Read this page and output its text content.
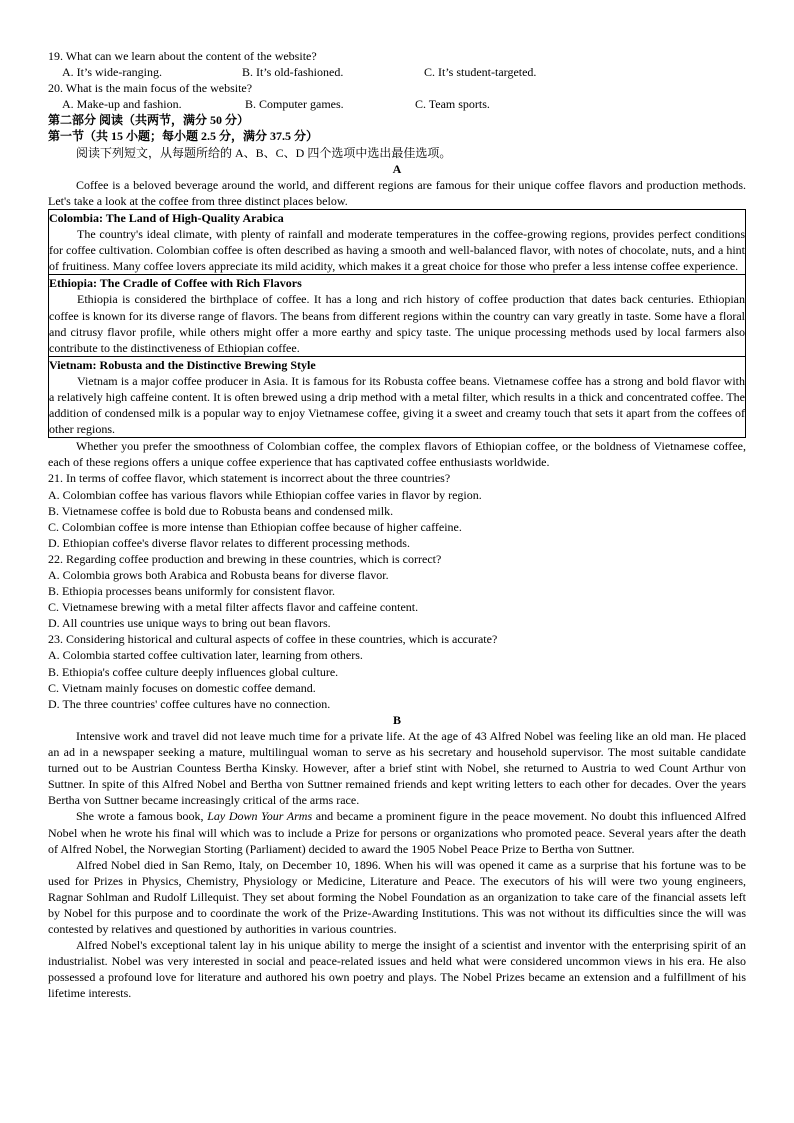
19. What can we learn about the content of the website?
A. It’s wide-ranging.	B. It’s old-fashioned.	C. It’s student-targeted.
20. What is the main focus of the website?
A. Make-up and fashion.	B. Computer games.	C. Team sports.
第二部分 阅读（共两节，满分 50 分）
第一节（共 15 小题；每小题 2.5 分，满分 37.5 分）
阅读下列短文，从每题所给的 A、B、C、D 四个选项中选出最佳选项。
A

Coffee is a beloved beverage around the world, and different regions are famous for their unique coffee flavors and production methods. Let's take a look at the coffee from three distinct places below.

Colombia: The Land of High-Quality Arabica

The country's ideal climate, with plenty of rainfall and moderate temperatures in the coffee-growing regions, provides perfect conditions for coffee cultivation. Colombian coffee is often described as having a smooth and well-balanced flavor, with notes of chocolate, nuts, and a hint of fruitiness. Many coffee lovers appreciate its mild acidity, which makes it a great choice for those who prefer a less intense coffee experience.

Ethiopia: The Cradle of Coffee with Rich Flavors

Ethiopia is considered the birthplace of coffee. It has a long and rich history of coffee production that dates back centuries. Ethiopian coffee is known for its diverse range of flavors. The beans from different regions within the country can vary greatly in taste. Some have a floral and citrusy flavor profile, while others might offer a more earthy and spicy taste. The unique processing methods used by local farmers also contribute to the distinctiveness of Ethiopian coffee.

Vietnam: Robusta and the Distinctive Brewing Style

Vietnam is a major coffee producer in Asia. It is famous for its Robusta coffee beans. Vietnamese coffee has a strong and bold flavor with a relatively high caffeine content. It is often brewed using a drip method with a metal filter, which results in a thick and concentrated coffee. The addition of condensed milk is a popular way to enjoy Vietnamese coffee, giving it a sweet and creamy touch that sets it apart from the coffees of other regions.

Whether you prefer the smoothness of Colombian coffee, the complex flavors of Ethiopian coffee, or the boldness of Vietnamese coffee, each of these regions offers a unique coffee experience that has captivated coffee enthusiasts worldwide.

21. In terms of coffee flavor, which statement is incorrect about the three countries?
A. Colombian coffee has various flavors while Ethiopian coffee varies in flavor by region.
B. Vietnamese coffee is bold due to Robusta beans and condensed milk.
C. Colombian coffee is more intense than Ethiopian coffee because of higher caffeine.
D. Ethiopian coffee's diverse flavor relates to different processing methods.
22. Regarding coffee production and brewing in these countries, which is correct?
A. Colombia grows both Arabica and Robusta beans for diverse flavor.
B. Ethiopia processes beans uniformly for consistent flavor.
C. Vietnamese brewing with a metal filter affects flavor and caffeine content.
D. All countries use unique ways to bring out bean flavors.
23. Considering historical and cultural aspects of coffee in these countries, which is accurate?
A. Colombia started coffee cultivation later, learning from others.
B. Ethiopia's coffee culture deeply influences global culture.
C. Vietnam mainly focuses on domestic coffee demand.
D. The three countries' coffee cultures have no connection.
B

Intensive work and travel did not leave much time for a private life. At the age of 43 Alfred Nobel was feeling like an old man. He placed an ad in a newspaper seeking a mature, multilingual woman to serve as his secretary and household supervisor. The most suitable candidate turned out to be Austrian Countess Bertha Kinsky. However, after a brief stint with Nobel, she returned to Austria to wed Count Arthur von Suttner. In spite of this Alfred Nobel and Bertha von Suttner remained friends and kept writing letters to each other for decades. Over the years Bertha von Suttner became increasingly critical of the arms race.

She wrote a famous book, Lay Down Your Arms and became a prominent figure in the peace movement. No doubt this influenced Alfred Nobel when he wrote his final will which was to include a Prize for persons or organizations who promoted peace. Several years after the death of Alfred Nobel, the Norwegian Storting (Parliament) decided to award the 1905 Nobel Peace Prize to Bertha von Suttner.

Alfred Nobel died in San Remo, Italy, on December 10, 1896. When his will was opened it came as a surprise that his fortune was to be used for Prizes in Physics, Chemistry, Physiology or Medicine, Literature and Peace. The executors of his will were two young engineers, Ragnar Sohlman and Rudolf Lillequist. They set about forming the Nobel Foundation as an organization to take care of the financial assets left by Nobel for this purpose and to coordinate the work of the Prize-Awarding Institutions. This was not without its difficulties since the will was contested by relatives and questioned by authorities in various countries.

Alfred Nobel's exceptional talent lay in his unique ability to merge the insight of a scientist and inventor with the enterprising spirit of an industrialist. Nobel was very interested in social and peace-related issues and held what were considered uncommon views in his era. He also possessed a profound love for literature and authored his own poetry and plays. The Nobel Prizes became an extension and a fulfillment of his lifetime interests.
